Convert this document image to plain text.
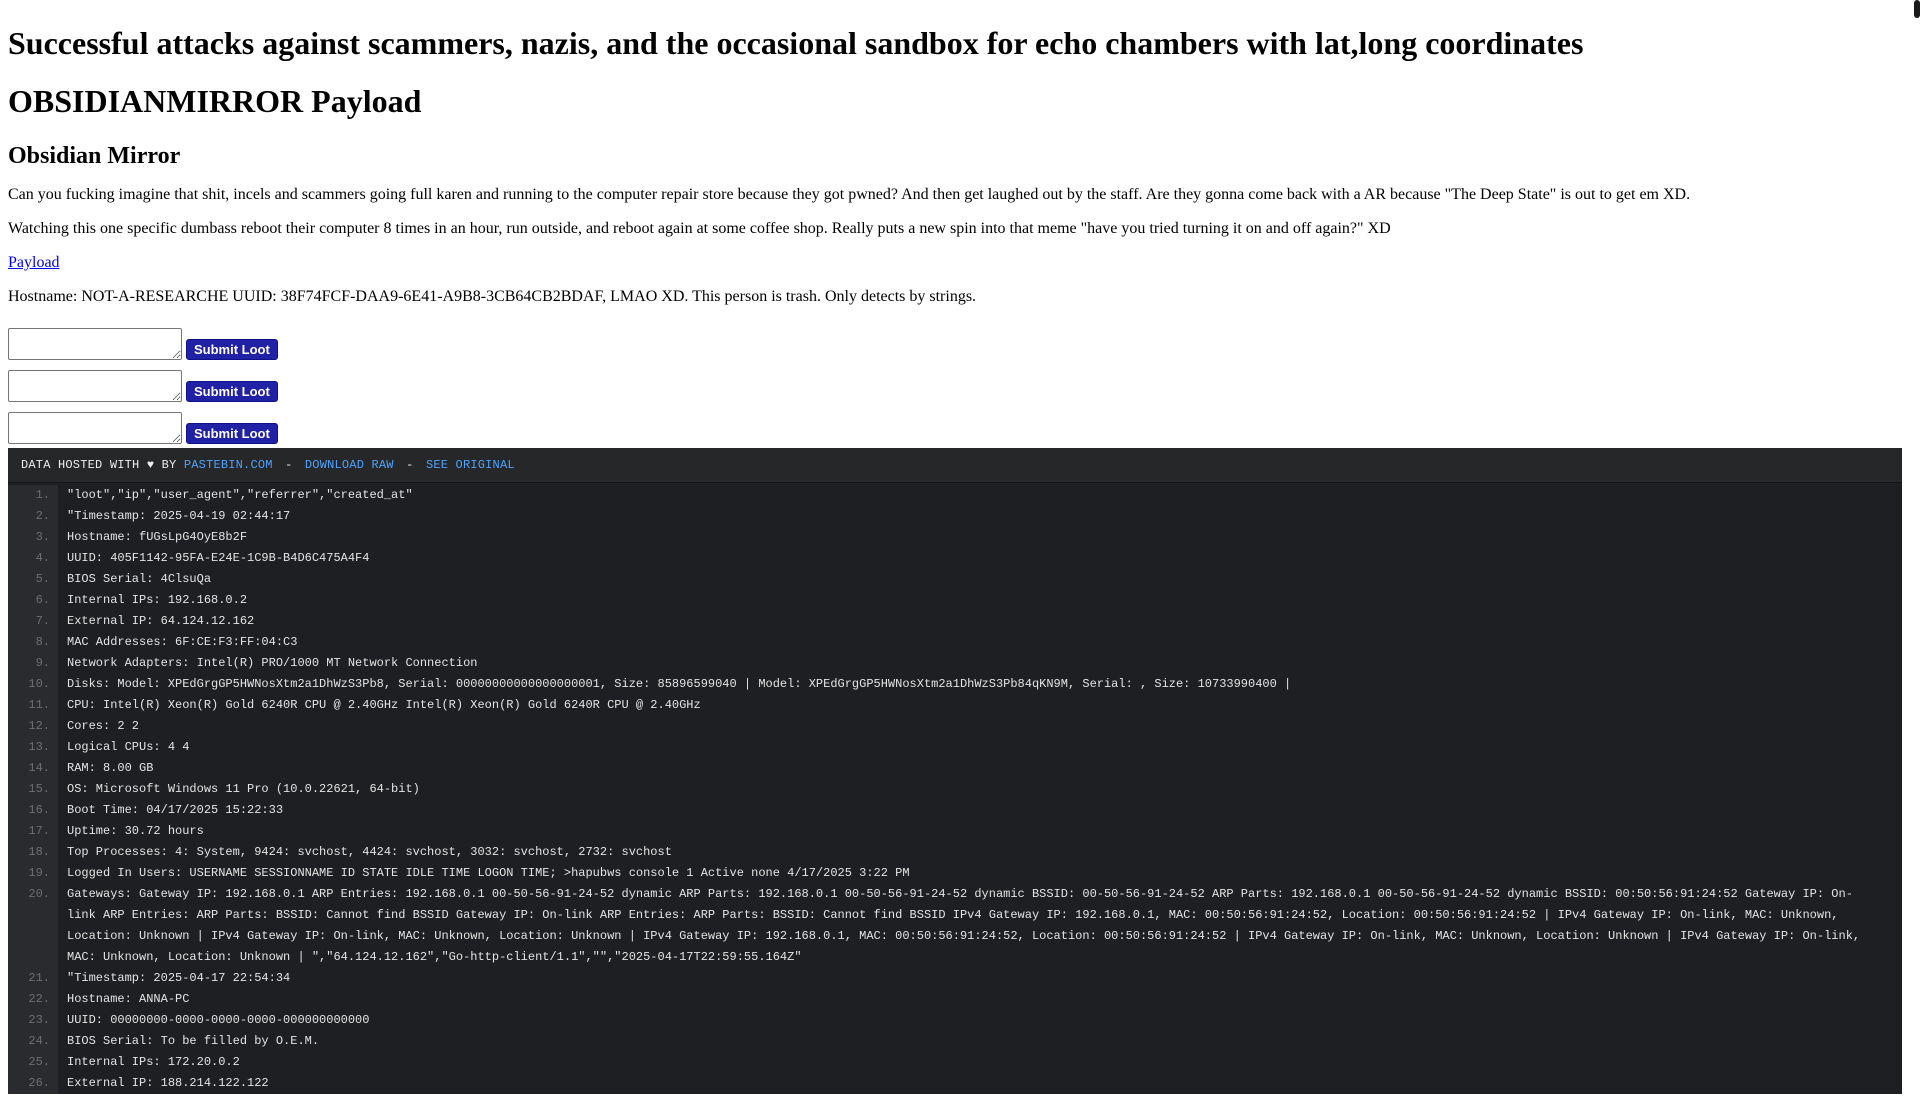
Successful attacks against scammers, nazis, and the occasional sandbox for echo chambers with lat,long coordinates
OBSIDIANMIRROR Payload
Obsidian Mirror

Can you fucking imagine that shit, incels and scammers going full karen and running to the computer repair store because they got pwned? And then get laughed out by the staff. Are they gonna come back with a AR because "The Deep State" is out to get em XD.

Watching this one specific dumbass reboot their computer 8 times in an hour, run outside, and reboot again at some coffee shop. Really puts a new spin into that meme "have you tried turning it on and off again?" XD

Payload

Hostname: NOT-A-RESEARCHE UUID: 38F74FCF-DAA9-6E41-A9B8-3CB64CB2BDAF, LMAO XD. This person is trash. Only detects by strings.

Submit Loot
Submit Loot
Submit Loot
DATA HOSTED WITH ♥ BY PASTEBIN.COM - DOWNLOAD RAW - SEE ORIGINAL
1.	"loot","ip","user_agent","referrer","created_at"
2.	"Timestamp: 2025-04-19 02:44:17
3.	Hostname: fUGsLpG4OyE8b2F
4.	UUID: 405F1142-95FA-E24E-1C9B-B4D6C475A4F4
5.	BIOS Serial: 4ClsuQa
6.	Internal IPs: 192.168.0.2
7.	External IP: 64.124.12.162
8.	MAC Addresses: 6F:CE:F3:FF:04:C3
9.	Network Adapters: Intel(R) PRO/1000 MT Network Connection
10.	Disks: Model: XPEdGrgGP5HWNosXtm2a1DhWzS3Pb8, Serial: 00000000000000000001, Size: 85896599040 | Model: XPEdGrgGP5HWNosXtm2a1DhWzS3Pb84qKN9M, Serial: , Size: 10733990400 |
11.	CPU: Intel(R) Xeon(R) Gold 6240R CPU @ 2.40GHz Intel(R) Xeon(R) Gold 6240R CPU @ 2.40GHz
12.	Cores: 2 2
13.	Logical CPUs: 4 4
14.	RAM: 8.00 GB
15.	OS: Microsoft Windows 11 Pro (10.0.22621, 64-bit)
16.	Boot Time: 04/17/2025 15:22:33
17.	Uptime: 30.72 hours
18.	Top Processes: 4: System, 9424: svchost, 4424: svchost, 3032: svchost, 2732: svchost
19.	Logged In Users: USERNAME SESSIONNAME ID STATE IDLE TIME LOGON TIME; >hapubws console 1 Active none 4/17/2025 3:22 PM
20.	Gateways: Gateway IP: 192.168.0.1 ARP Entries: 192.168.0.1 00-50-56-91-24-52 dynamic ARP Parts: 192.168.0.1 00-50-56-91-24-52 dynamic BSSID: 00-50-56-91-24-52 ARP Parts: 192.168.0.1 00-50-56-91-24-52 dynamic BSSID: 00:50:56:91:24:52 Gateway IP: On-link ARP Entries: ARP Parts: BSSID: Cannot find BSSID Gateway IP: On-link ARP Entries: ARP Parts: BSSID: Cannot find BSSID IPv4 Gateway IP: 192.168.0.1, MAC: 00:50:56:91:24:52, Location: 00:50:56:91:24:52 | IPv4 Gateway IP: On-link, MAC: Unknown, Location: Unknown | IPv4 Gateway IP: On-link, MAC: Unknown, Location: Unknown | IPv4 Gateway IP: 192.168.0.1, MAC: 00:50:56:91:24:52, Location: 00:50:56:91:24:52 | IPv4 Gateway IP: On-link, MAC: Unknown, Location: Unknown | IPv4 Gateway IP: On-link, MAC: Unknown, Location: Unknown | ","64.124.12.162","Go-http-client/1.1","","2025-04-17T22:59:55.164Z"
21.	"Timestamp: 2025-04-17 22:54:34
22.	Hostname: ANNA-PC
23.	UUID: 00000000-0000-0000-0000-000000000000
24.	BIOS Serial: To be filled by O.E.M.
25.	Internal IPs: 172.20.0.2
26.	External IP: 188.214.122.122
